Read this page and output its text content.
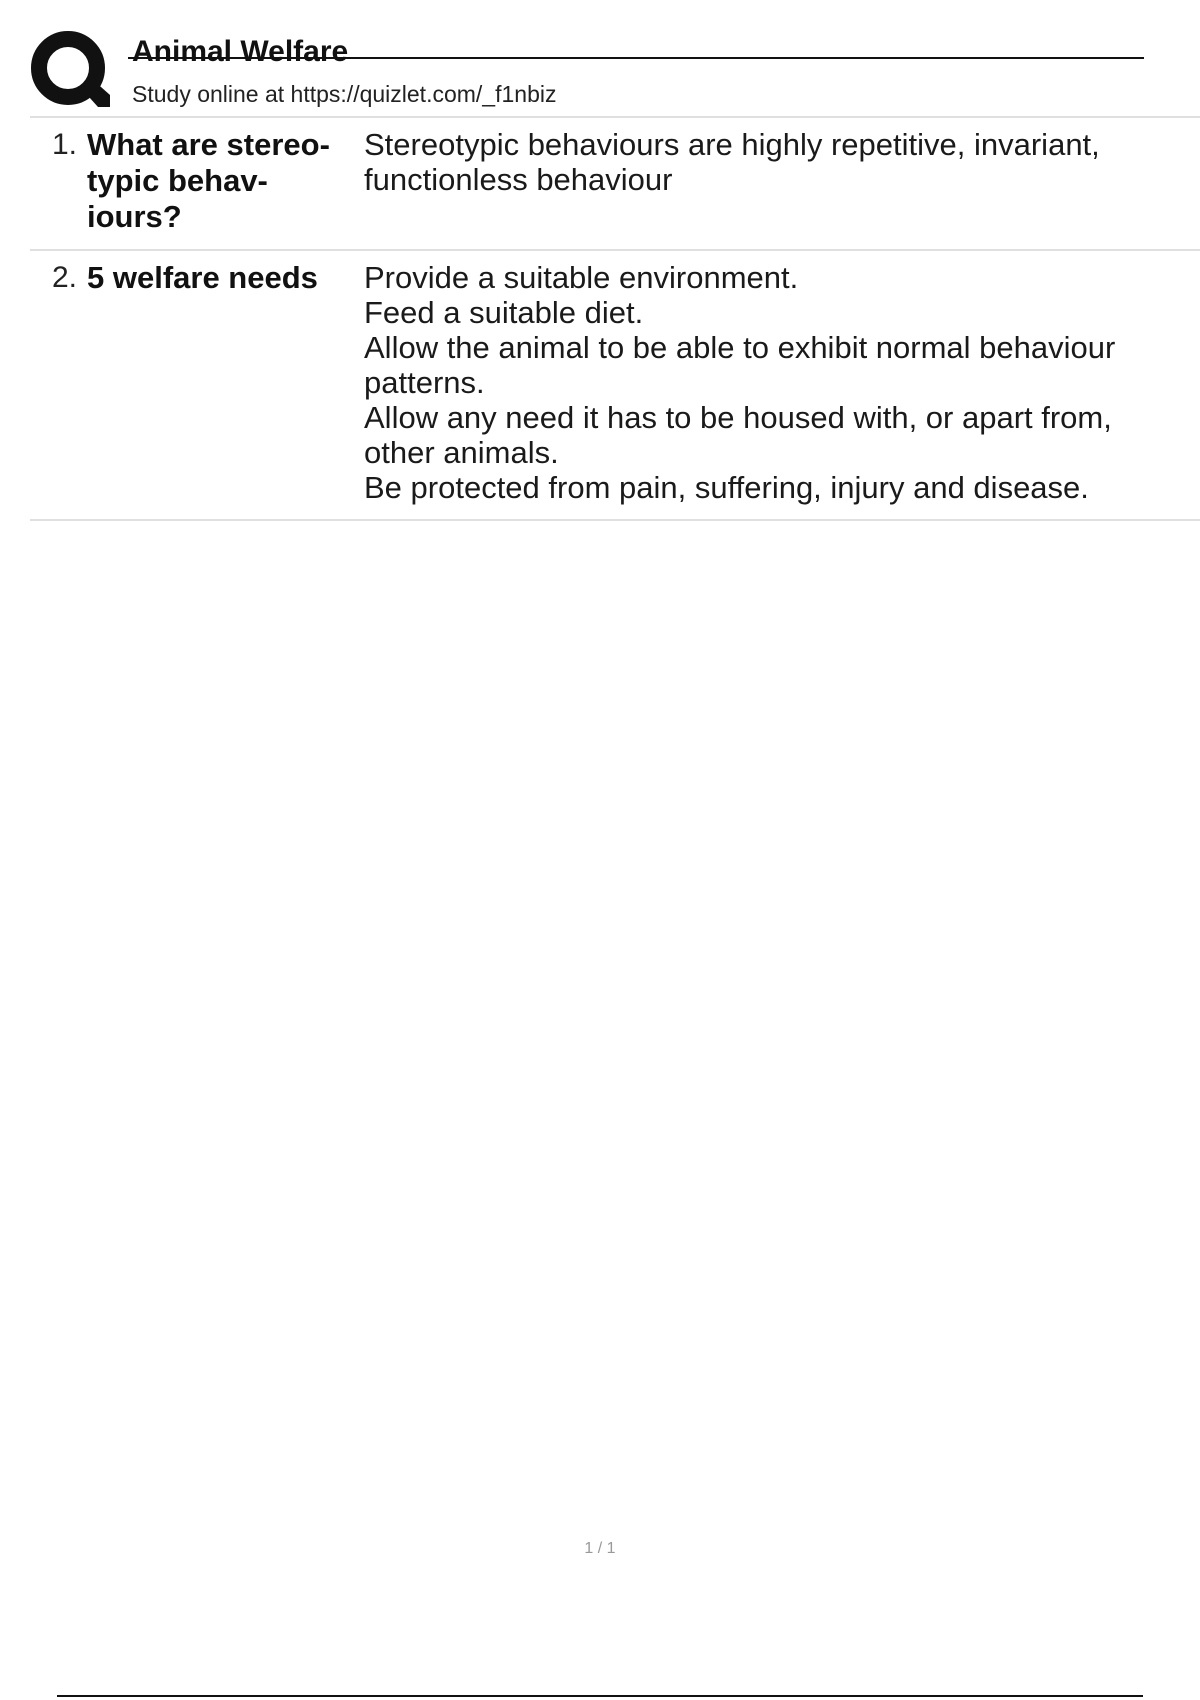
Animal Welfare
Study online at https://quizlet.com/_f1nbiz
1. What are stereo-
typic behav-
iours?
Stereotypic behaviours are highly repetitive, invariant,
functionless behaviour
2. 5 welfare needs	Provide a suitable environment.
Feed a suitable diet.
Allow the animal to be able to exhibit normal behaviour
patterns.
Allow any need it has to be housed with, or apart from,
other animals.
Be protected from pain, suffering, injury and disease.
1 / 1
